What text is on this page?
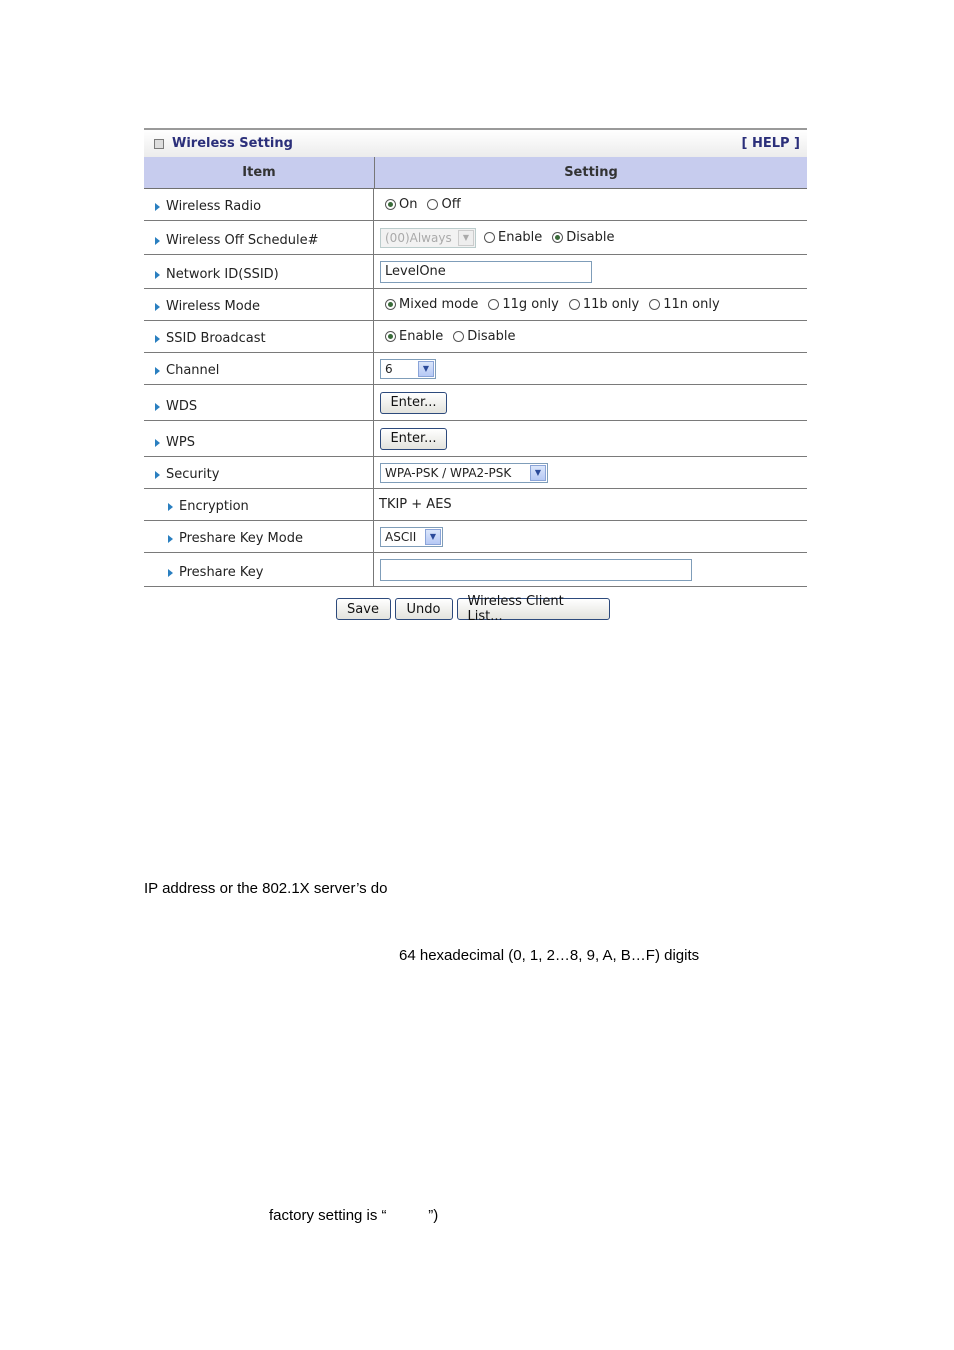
Wireless Setting	[ HELP ]
Item	Setting
Wireless Radio	On Off
Wireless Off Schedule#	(00)Always	▼	Enable Disable
Network ID(SSID)	LevelOne
Wireless Mode	Mixed mode 11g only 11b only 11n only
SSID Broadcast	Enable Disable
Channel	6	▼
WDS	Enter...
WPS	Enter...
Security	WPA-PSK / WPA2-PSK	▼
Encryption	TKIP + AES
Preshare Key Mode	ASCII	▼
Preshare Key
Save	Undo	Wireless Client List...
IP address or the 802.1X server’s do
64 hexadecimal (0, 1, 2…8, 9, A, B…F) digits
factory setting is “          ”)
